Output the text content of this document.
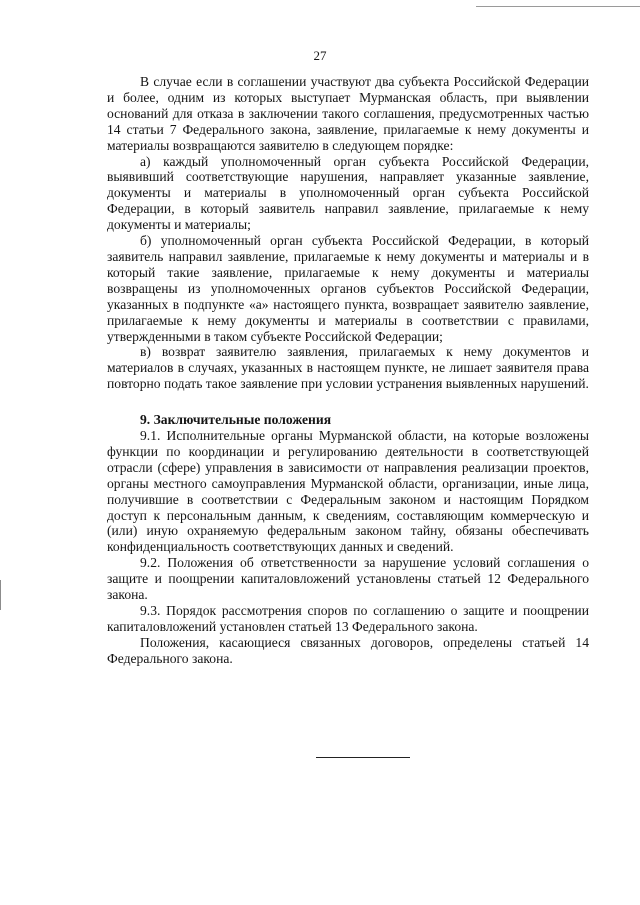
27

В случае если в соглашении участвуют два субъекта Российской Федерации и более, одним из которых выступает Мурманская область, при выявлении оснований для отказа в заключении такого соглашения, предусмотренных частью 14 статьи 7 Федерального закона, заявление, прилагаемые к нему документы и материалы возвращаются заявителю в следующем порядке:

а) каждый уполномоченный орган субъекта Российской Федерации, выявивший соответствующие нарушения, направляет указанные заявление, документы и материалы в уполномоченный орган субъекта Российской Федерации, в который заявитель направил заявление, прилагаемые к нему документы и материалы;

б) уполномоченный орган субъекта Российской Федерации, в который заявитель направил заявление, прилагаемые к нему документы и материалы и в который такие заявление, прилагаемые к нему документы и материалы возвращены из уполномоченных органов субъектов Российской Федерации, указанных в подпункте «а» настоящего пункта, возвращает заявителю заявление, прилагаемые к нему документы и материалы в соответствии с правилами, утвержденными в таком субъекте Российской Федерации;

в) возврат заявителю заявления, прилагаемых к нему документов и материалов в случаях, указанных в настоящем пункте, не лишает заявителя права повторно подать такое заявление при условии устранения выявленных нарушений.

9. Заключительные положения

9.1. Исполнительные органы Мурманской области, на которые возложены функции по координации и регулированию деятельности в соответствующей отрасли (сфере) управления в зависимости от направления реализации проектов, органы местного самоуправления Мурманской области, организации, иные лица, получившие в соответствии с Федеральным законом и настоящим Порядком доступ к персональным данным, к сведениям, составляющим коммерческую и (или) иную охраняемую федеральным законом тайну, обязаны обеспечивать конфиденциальность соответствующих данных и сведений.

9.2. Положения об ответственности за нарушение условий соглашения о защите и поощрении капиталовложений установлены статьей 12 Федерального закона.

9.3. Порядок рассмотрения споров по соглашению о защите и поощрении капиталовложений установлен статьей 13 Федерального закона.

Положения, касающиеся связанных договоров, определены статьей 14 Федерального закона.
